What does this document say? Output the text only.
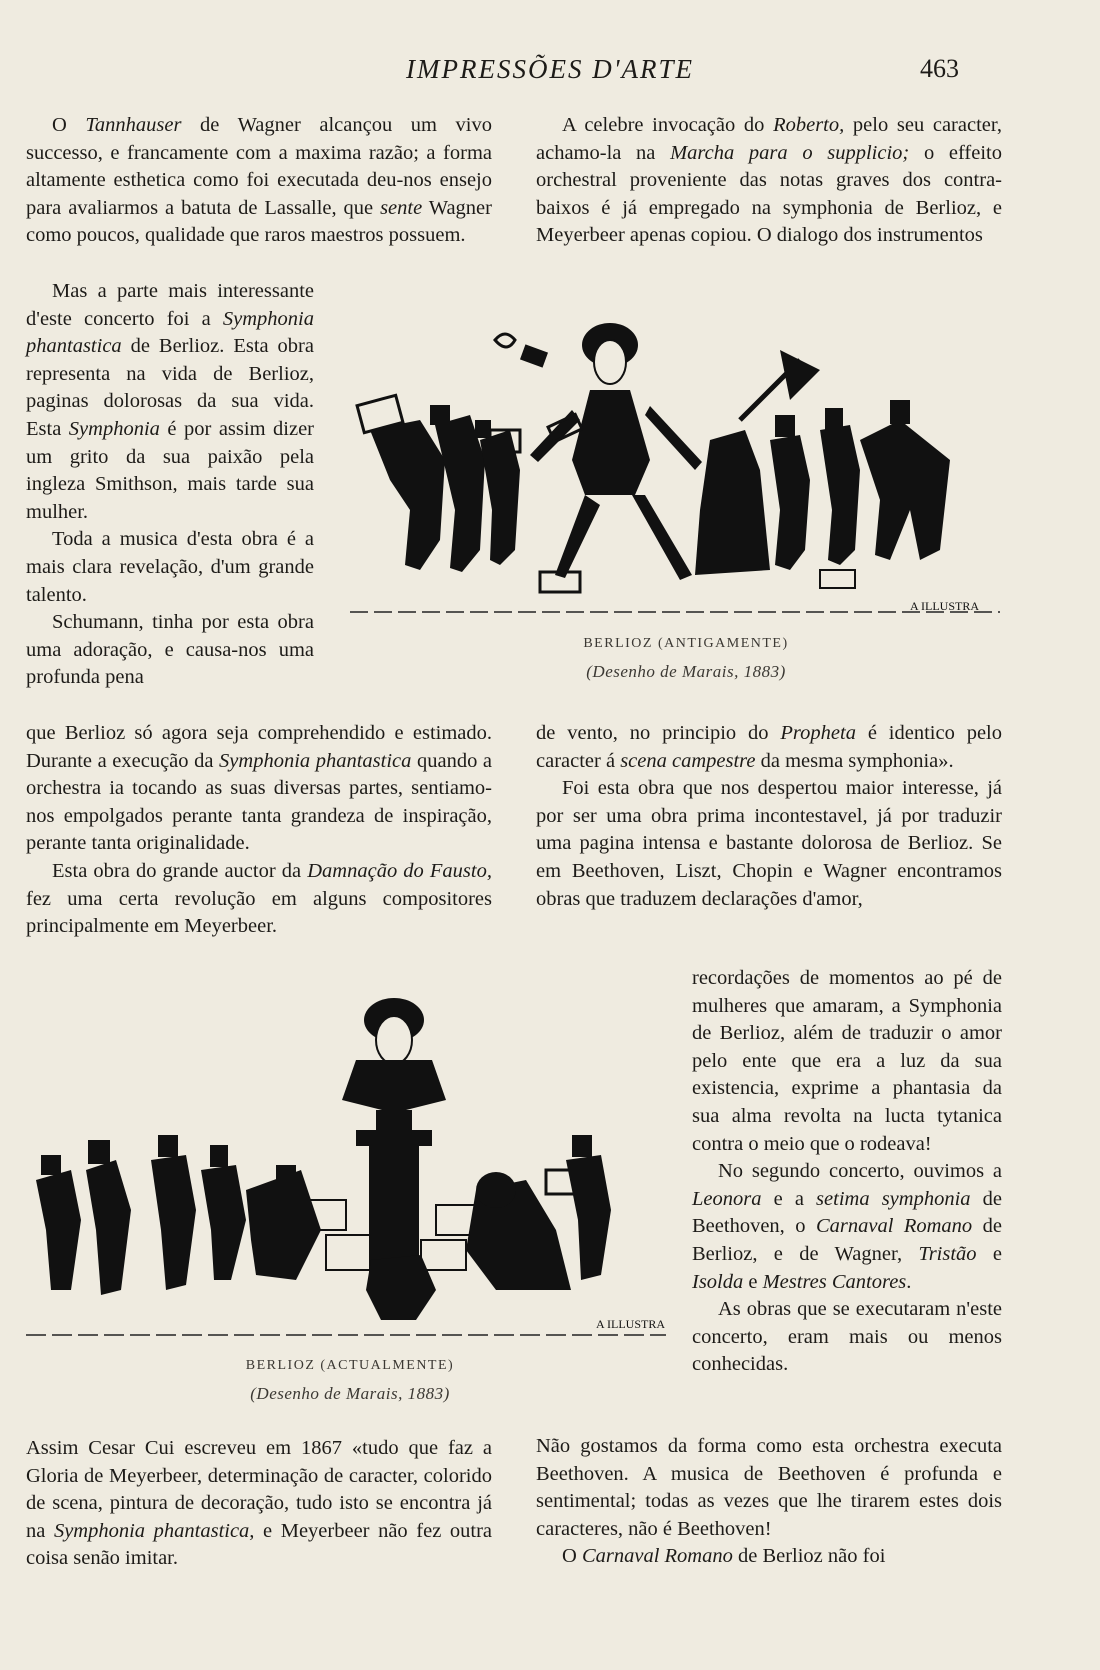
IMPRESSÕES D'ARTE	463

O Tannhauser de Wagner alcançou um vivo successo, e francamente com a maxima razão; a forma altamente esthetica como foi executada deu-nos ensejo para avaliarmos a batuta de Lassalle, que sente Wagner como poucos, qualidade que raros maestros possuem.

Mas a parte mais interessante d'este concerto foi a Symphonia phantastica de Berlioz. Esta obra representa na vida de Berlioz, paginas dolorosas da sua vida. Esta Symphonia é por assim dizer um grito da sua paixão pela ingleza Smithson, mais tarde sua mulher.

Toda a musica d'esta obra é a mais clara revelação, d'um grande talento.

Schumann, tinha por esta obra uma adoração, e causa-nos uma profunda pena

que Berlioz só agora seja comprehendido e estimado. Durante a execução da Symphonia phantastica quando a orchestra ia tocando as suas diversas partes, sentiamo-nos empolgados perante tanta grandeza de inspiração, perante tanta originalidade.

Esta obra do grande auctor da Damnação do Fausto, fez uma certa revolução em alguns compositores principalmente em Meyerbeer.

Assim Cesar Cui escreveu em 1867 «tudo que faz a Gloria de Meyerbeer, determinação de caracter, colorido de scena, pintura de decoração, tudo isto se encontra já na Symphonia phantastica, e Meyerbeer não fez outra coisa senão imitar.

A celebre invocação do Roberto, pelo seu caracter, achamo-la na Marcha para o supplicio; o effeito orchestral proveniente das notas graves dos contra-baixos é já empregado na symphonia de Berlioz, e Meyerbeer apenas copiou. O dialogo dos instrumentos

de vento, no principio do Propheta é identico pelo caracter á scena campestre da mesma symphonia».

Foi esta obra que nos despertou maior interesse, já por ser uma obra prima incontestavel, já por traduzir uma pagina intensa e bastante dolorosa de Berlioz. Se em Beethoven, Liszt, Chopin e Wagner encontramos obras que traduzem declarações d'amor,

recordações de momentos ao pé de mulheres que amaram, a Symphonia de Berlioz, além de traduzir o amor pelo ente que era a luz da sua existencia, exprime a phantasia da sua alma revolta na lucta tytanica contra o meio que o rodeava!

No segundo concerto, ouvimos a Leonora e a setima symphonia de Beethoven, o Carnaval Romano de Berlioz, e de Wagner, Tristão e Isolda e Mestres Cantores.

As obras que se executaram n'este concerto, eram mais ou menos conhecidas.

Não gostamos da forma como esta orchestra executa Beethoven. A musica de Beethoven é profunda e sentimental; todas as vezes que lhe tirarem estes dois caracteres, não é Beethoven!

O Carnaval Romano de Berlioz não foi

A ILLUSTRA
BERLIOZ (ANTIGAMENTE)
(Desenho de Marais, 1883)
A ILLUSTRA
BERLIOZ (ACTUALMENTE)
(Desenho de Marais, 1883)
